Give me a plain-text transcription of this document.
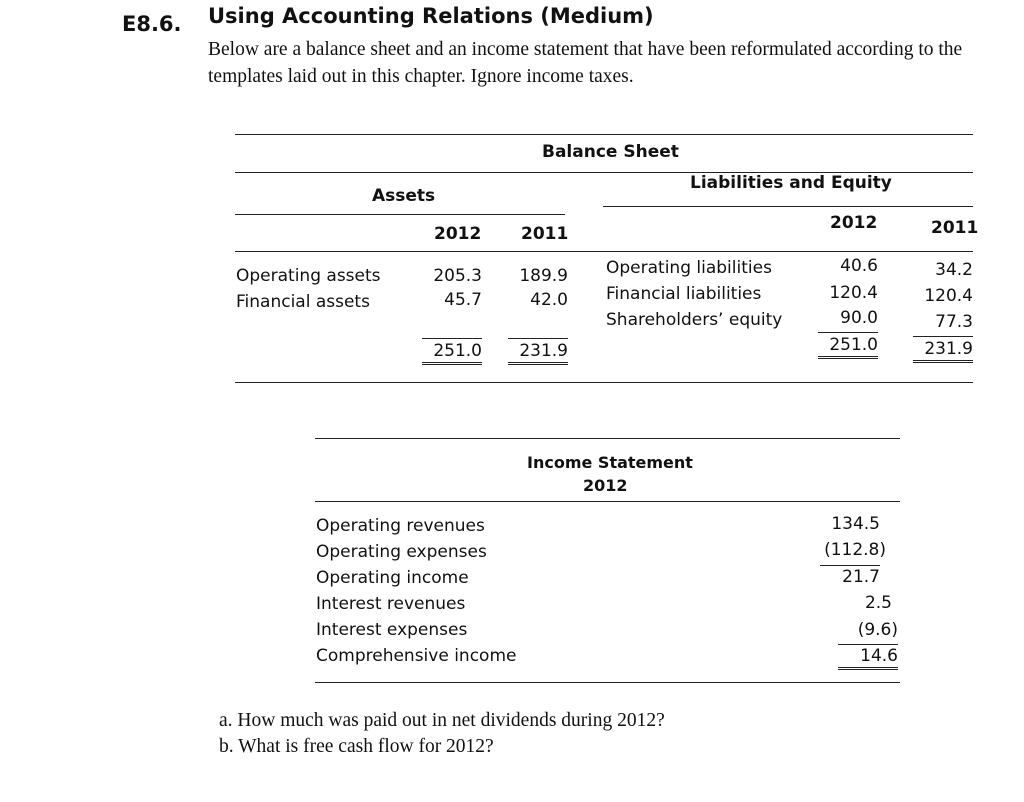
E8.6. Using Accounting Relations (Medium)
Below are a balance sheet and an income statement that have been reformulated according to the templates laid out in this chapter. Ignore income taxes.
Balance Sheet
Assets
Liabilities and Equity
2012 2011
2012	2011
Operating assets	205.3	189.9
Financial assets	45.7	42.0
251.0	231.9
Operating liabilities	40.6	34.2
Financial liabilities	120.4	120.4
Shareholders’ equity	90.0	77.3
251.0	231.9
Income Statement
2012
Operating revenues	134.5
Operating expenses	(112.8)
Operating income	21.7
Interest revenues	2.5
Interest expenses	(9.6)
Comprehensive income	14.6
a. How much was paid out in net dividends during 2012?
b. What is free cash flow for 2012?
